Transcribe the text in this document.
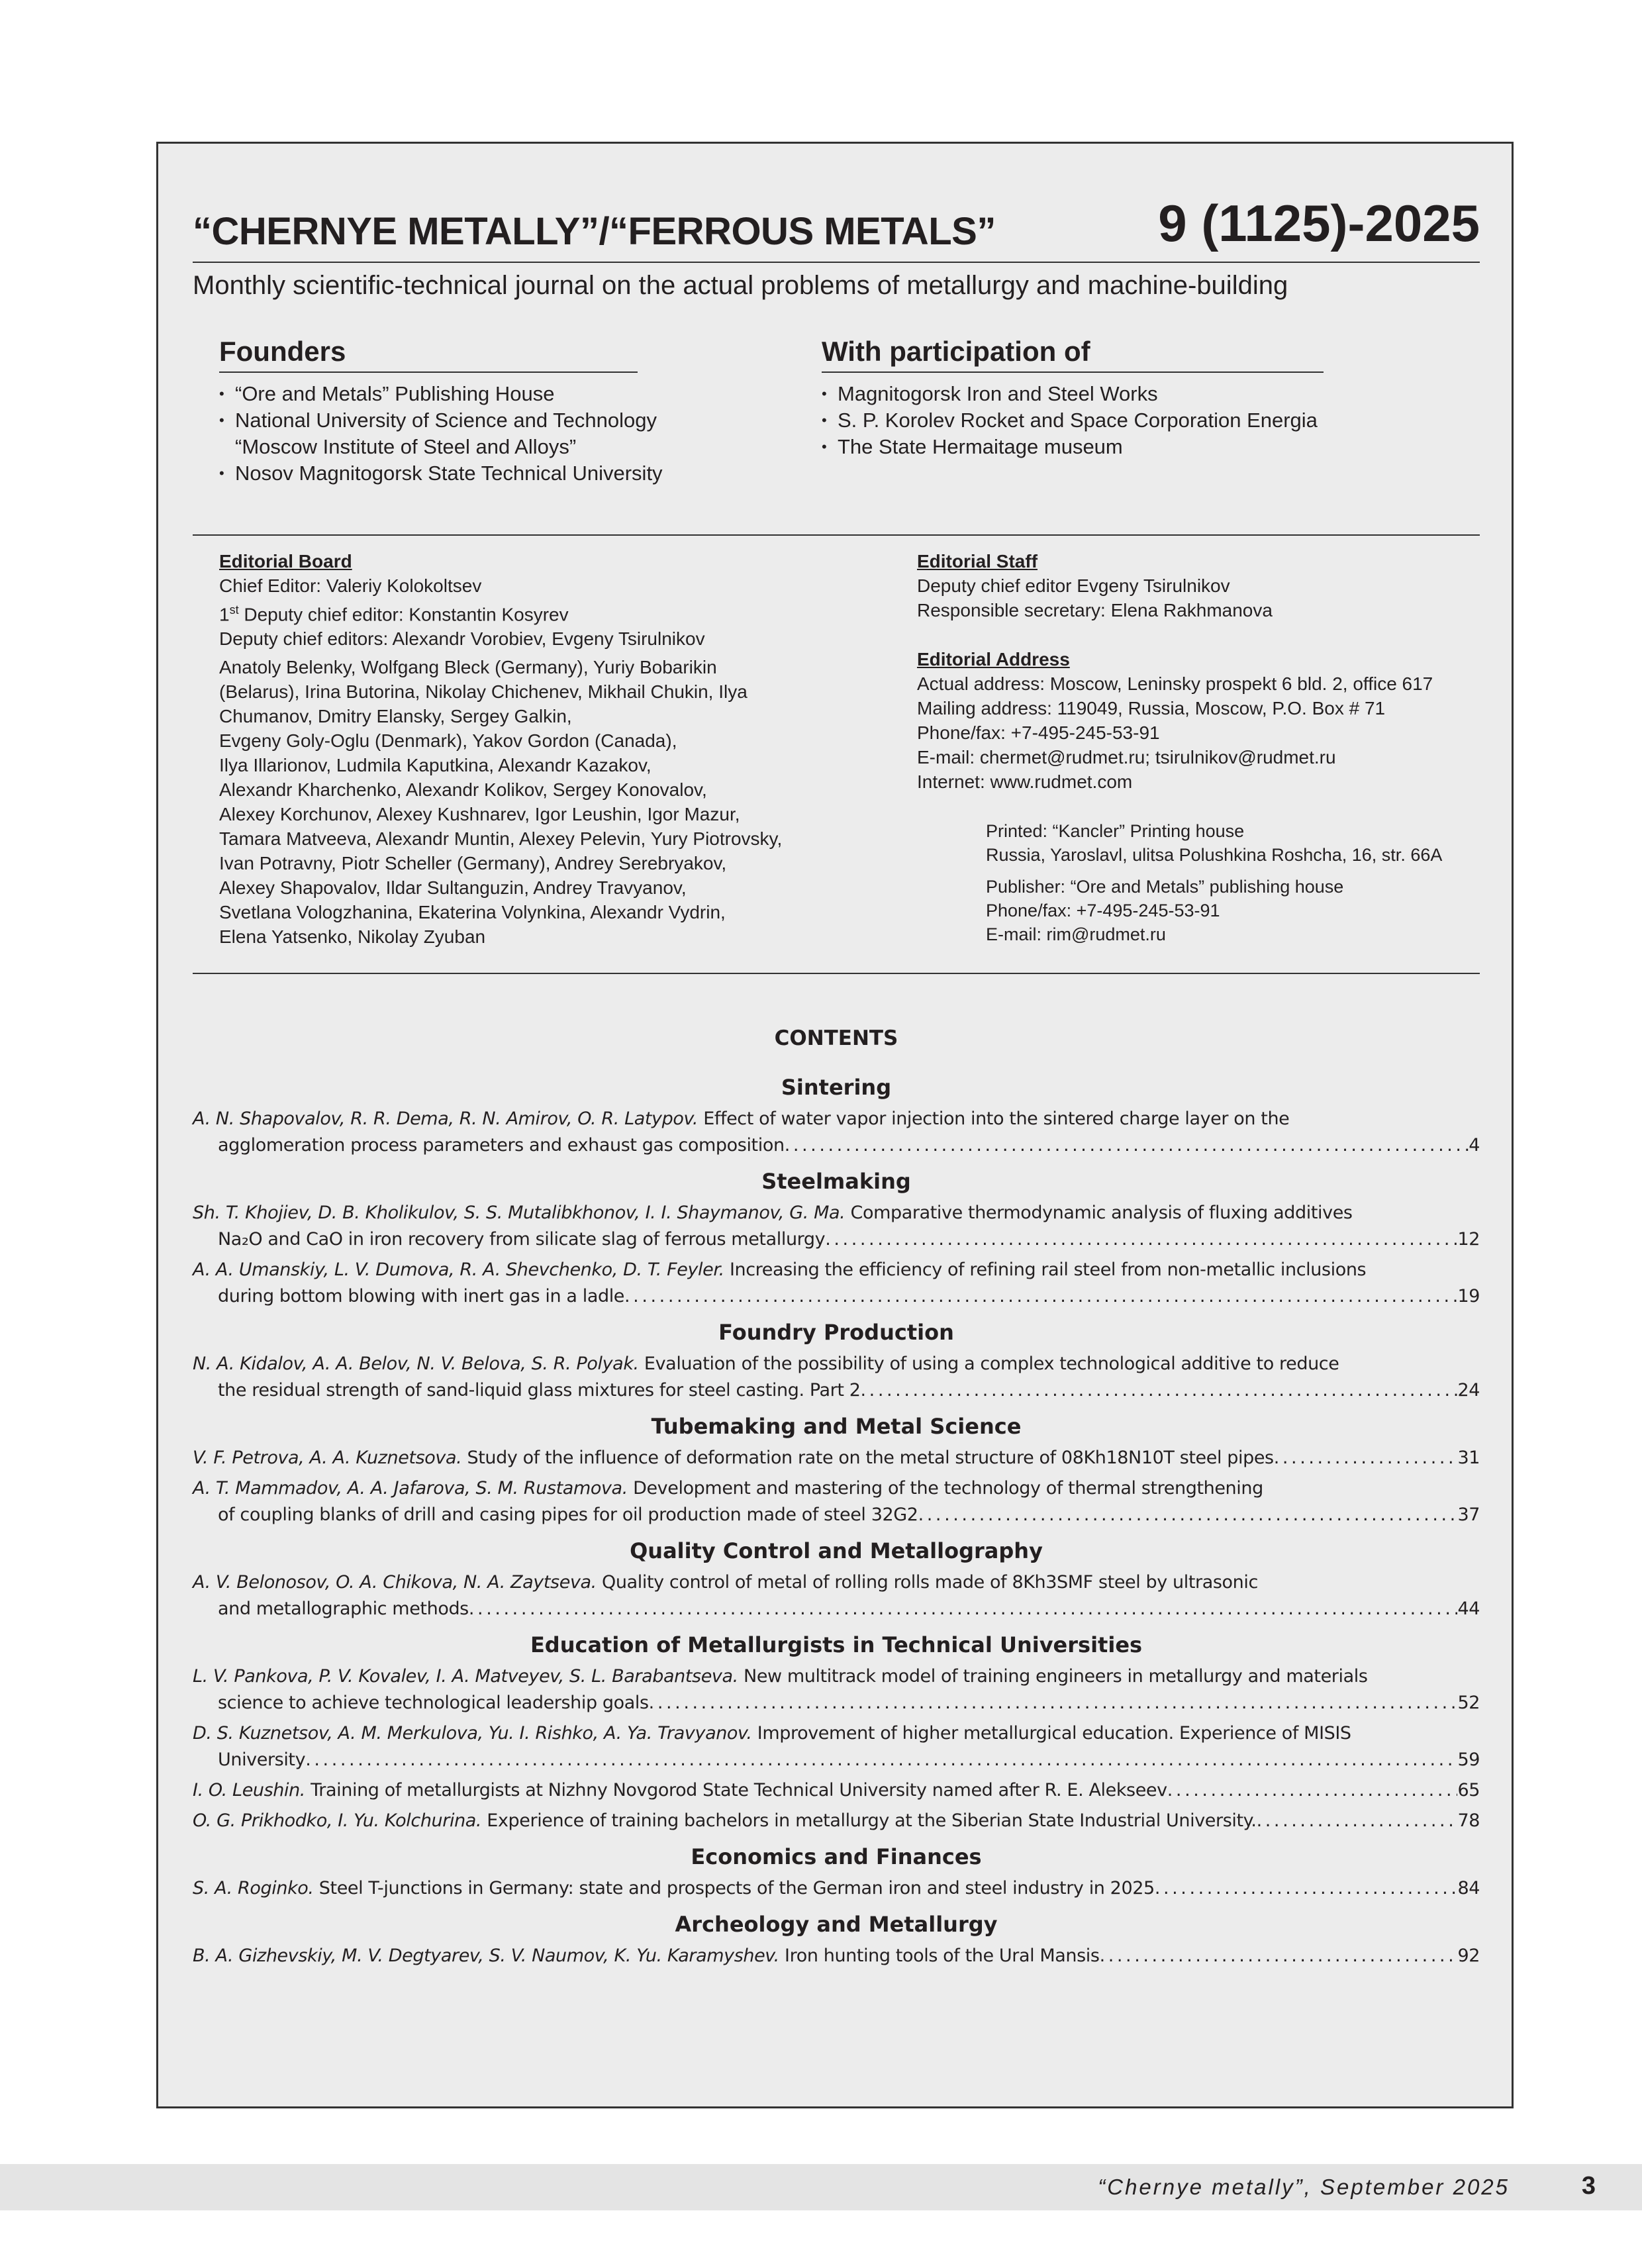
“CHERNYE METALLY”/“FERROUS METALS”	9 (1125)-2025
Monthly scientific-technical journal on the actual problems of metallurgy and machine-building
Founders
• “Ore and Metals” Publishing House
• National University of Science and Technology
“Moscow Institute of Steel and Alloys”
• Nosov Magnitogorsk State Technical University
With participation of
• Magnitogorsk Iron and Steel Works
• S. P. Korolev Rocket and Space Corporation Energia
• The State Hermaitage museum

Editorial Board

Chief Editor: Valeriy Kolokoltsev

1st Deputy chief editor: Konstantin Kosyrev

Deputy chief editors: Alexandr Vorobiev, Evgeny Tsirulnikov

Anatoly Belenky, Wolfgang Bleck (Germany), Yuriy Bobarikin

(Belarus), Irina Butorina, Nikolay Chichenev, Mikhail Chukin, Ilya

Chumanov, Dmitry Elansky, Sergey Galkin,

Evgeny Goly-Oglu (Denmark), Yakov Gordon (Canada),

Ilya Illarionov, Ludmila Kaputkina, Alexandr Kazakov,

Alexandr Kharchenko, Alexandr Kolikov, Sergey Konovalov,

Alexey Korchunov, Alexey Kushnarev, Igor Leushin, Igor Mazur,

Tamara Matveeva, Alexandr Muntin, Alexey Pelevin, Yury Piotrovsky,

Ivan Potravny, Piotr Scheller (Germany), Andrey Serebryakov,

Alexey Shapovalov, Ildar Sultanguzin, Andrey Travyanov,

Svetlana Vologzhanina, Ekaterina Volynkina, Alexandr Vydrin,

Elena Yatsenko, Nikolay Zyuban

Editorial Staff

Deputy chief editor Evgeny Tsirulnikov

Responsible secretary: Elena Rakhmanova

Editorial Address

Actual address: Moscow, Leninsky prospekt 6 bld. 2, office 617

Mailing address: 119049, Russia, Moscow, P.O. Box # 71

Phone/fax: +7-495-245-53-91

E-mail: chermet@rudmet.ru; tsirulnikov@rudmet.ru

Internet: www.rudmet.com

Printed: “Kancler” Printing house

Russia, Yaroslavl, ulitsa Polushkina Roshcha, 16, str. 66A

Publisher: “Ore and Metals” publishing house

Phone/fax: +7-495-245-53-91

E-mail: rim@rudmet.ru

CONTENTS
Sintering
A. N. Shapovalov, R. R. Dema, R. N. Amirov, O. R. Latypov. Effect of water vapor injection into the sintered charge layer on the
agglomeration process parameters and exhaust gas composition . . .	4
Steelmaking
Sh. T. Khojiev, D. B. Kholikulov, S. S. Mutalibkhonov, I. I. Shaymanov, G. Ma. Comparative thermodynamic analysis of fluxing additives
Na₂O and CaO in iron recovery from silicate slag of ferrous metallurgy . . .	12
A. A. Umanskiy, L. V. Dumova, R. A. Shevchenko, D. T. Feyler. Increasing the efficiency of refining rail steel from non-metallic inclusions
during bottom blowing with inert gas in a ladle . . .	19
Foundry Production
N. A. Kidalov, A. A. Belov, N. V. Belova, S. R. Polyak. Evaluation of the possibility of using a complex technological additive to reduce
the residual strength of sand-liquid glass mixtures for steel casting. Part 2 . . .	24
Tubemaking and Metal Science
V. F. Petrova, A. A. Kuznetsova. Study of the influence of deformation rate on the metal structure of 08Kh18N10T steel pipes . . .	31
A. T. Mammadov, A. A. Jafarova, S. M. Rustamova. Development and mastering of the technology of thermal strengthening
of coupling blanks of drill and casing pipes for oil production made of steel 32G2 . . .	37
Quality Control and Metallography
A. V. Belonosov, O. A. Chikova, N. A. Zaytseva. Quality control of metal of rolling rolls made of 8Kh3SMF steel by ultrasonic
and metallographic methods . . .	44
Education of Metallurgists in Technical Universities
L. V. Pankova, P. V. Kovalev, I. A. Matveyev, S. L. Barabantseva. New multitrack model of training engineers in metallurgy and materials
science to achieve technological leadership goals . . .	52
D. S. Kuznetsov, A. M. Merkulova, Yu. I. Rishko, A. Ya. Travyanov. Improvement of higher metallurgical education. Experience of MISIS
University . . .	59
I. O. Leushin. Training of metallurgists at Nizhny Novgorod State Technical University named after R. E. Alekseev . . .	65
O. G. Prikhodko, I. Yu. Kolchurina. Experience of training bachelors in metallurgy at the Siberian State Industrial University. . . .	78
Economics and Finances
S. A. Roginko. Steel T-junctions in Germany: state and prospects of the German iron and steel industry in 2025 . . .	84
Archeology and Metallurgy
B. A. Gizhevskiy, M. V. Degtyarev, S. V. Naumov, K. Yu. Karamyshev. Iron hunting tools of the Ural Mansis . . .	92
“Chernye metally”, September 2025	3
